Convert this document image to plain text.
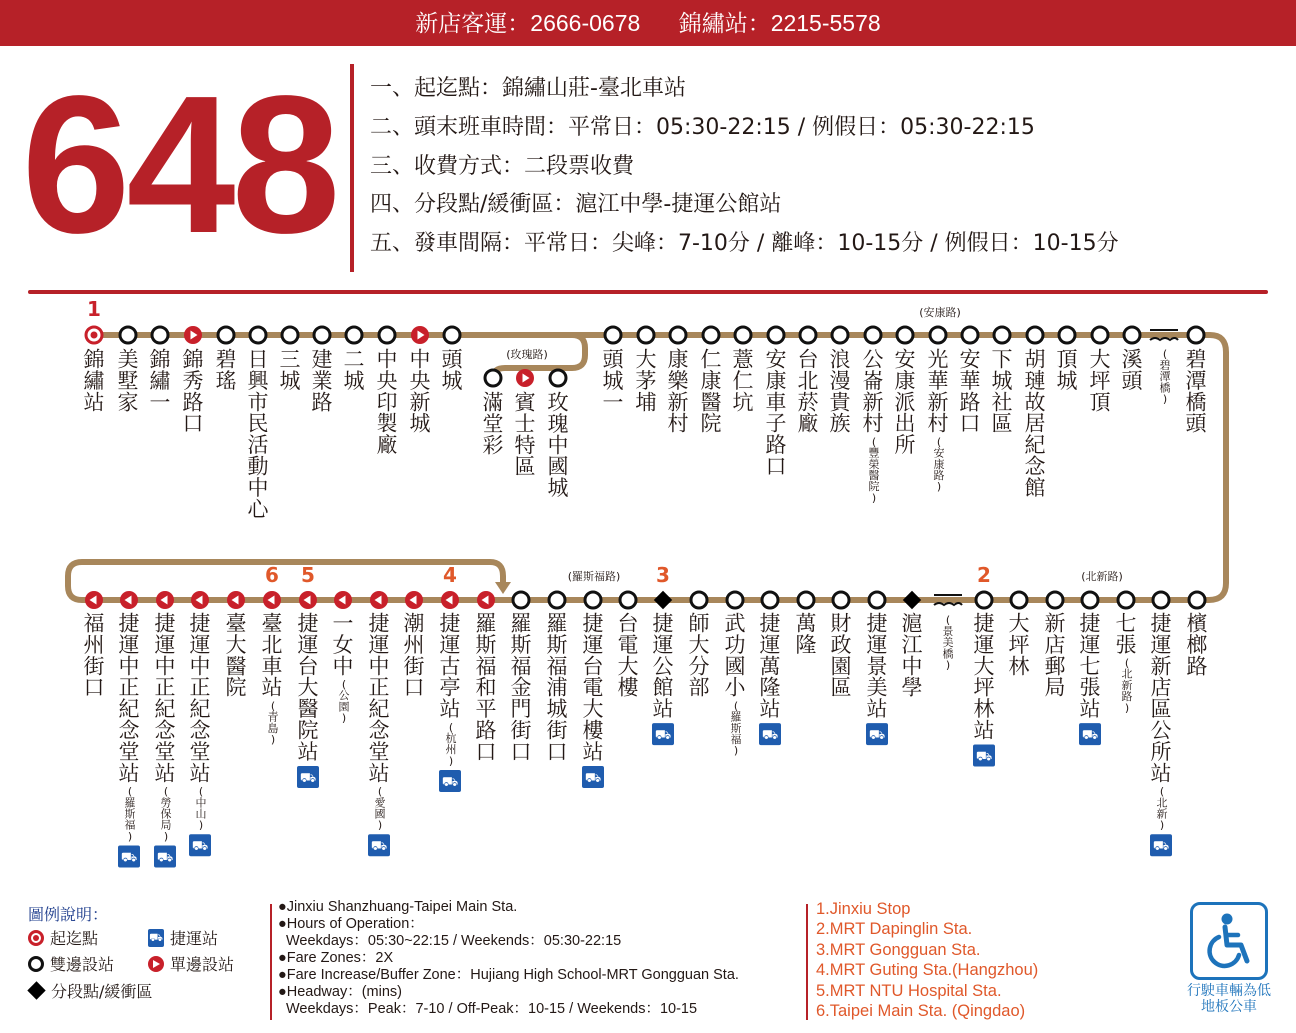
新店客運：2666-0678 錦繡站：2215-5578
648 一、起迄點：錦繡山莊-臺北車站
二、頭末班車時間：平常日：05:30-22:15 / 例假日：05:30-22:15
三、收費方式：二段票收費
四、分段點/緩衝區：滬江中學-捷運公館站
五、發車間隔：平常日：尖峰：7-10分 / 離峰：10-15分 / 例假日：10-15分
錦
繡
站
1
美
墅
家
錦
繡
一
錦
秀
路
口
碧
瑤
日
興
市
民
活
動
中
心
三
城
建
業
路
二
城
中
央
印
製
廠
中
央
新
城
頭
城
頭
城
一
大
茅
埔
康
樂
新
村
仁
康
醫
院
薏
仁
坑
安
康
車
子
路
口
台
北
菸
廠
浪
漫
貴
族
公
崙
新
村
(
豐
榮
醫
院
)
安
康
派
出
所
光
華
新
村
(
安
康
路
)
安
華
路
口
下
城
社
區
胡
璉
故
居
紀
念
館
頂
城
大
坪
頂
溪
頭
碧
潭
橋
頭
滿
堂
彩
賓
士
特
區
玫
瑰
中
國
城
(玫瑰路)
(安康路)
(
碧
潭
橋
)
福
州
街
口
捷
運
中
正
紀
念
堂
站
(
羅
斯
福
)
⛟
捷
運
中
正
紀
念
堂
站
(
勞
保
局
)
⛟
捷
運
中
正
紀
念
堂
站
(
中
山
)
⛟
臺
大
醫
院
臺
北
車
站
(
青
島
)
6
捷
運
台
大
醫
院
站
⛟
5
一
女
中
(
公
園
)
捷
運
中
正
紀
念
堂
站
(
愛
國
)
⛟
潮
州
街
口
捷
運
古
亭
站
(
杭
州
)
⛟
4
羅
斯
福
和
平
路
口
羅
斯
福
金
門
街
口
羅
斯
福
浦
城
街
口
捷
運
台
電
大
樓
站
⛟
台
電
大
樓
捷
運
公
館
站
⛟
3
師
大
分
部
武
功
國
小
(
羅
斯
福
)
捷
運
萬
隆
站
⛟
萬
隆
財
政
園
區
捷
運
景
美
站
⛟
滬
江
中
學
捷
運
大
坪
林
站
⛟
2
大
坪
林
新
店
郵
局
捷
運
七
張
站
⛟
七
張
(
北
新
路
)
捷
運
新
店
區
公
所
站
(
北
新
)
⛟
檳
榔
路
(羅斯福路)	(北新路)
(
景
美
橋
)
圖例說明：
起迄點	⛟ 捷運站
雙邊設站	單邊設站
分段點/緩衝區
●Jinxiu Shanzhuang-Taipei Main Sta.
●Hours of Operation：
Weekdays：05:30~22:15 / Weekends：05:30-22:15
●Fare Zones：2X
●Fare Increase/Buffer Zone：Hujiang High School-MRT Gongguan Sta.
●Headway：(mins)
Weekdays：Peak：7-10 / Off-Peak：10-15 / Weekends：10-15
1.Jinxiu Stop
2.MRT Dapinglin Sta.
3.MRT Gongguan Sta.
4.MRT Guting Sta.(Hangzhou)
5.MRT NTU Hospital Sta.
6.Taipei Main Sta. (Qingdao)
行駛車輛為低地板公車
